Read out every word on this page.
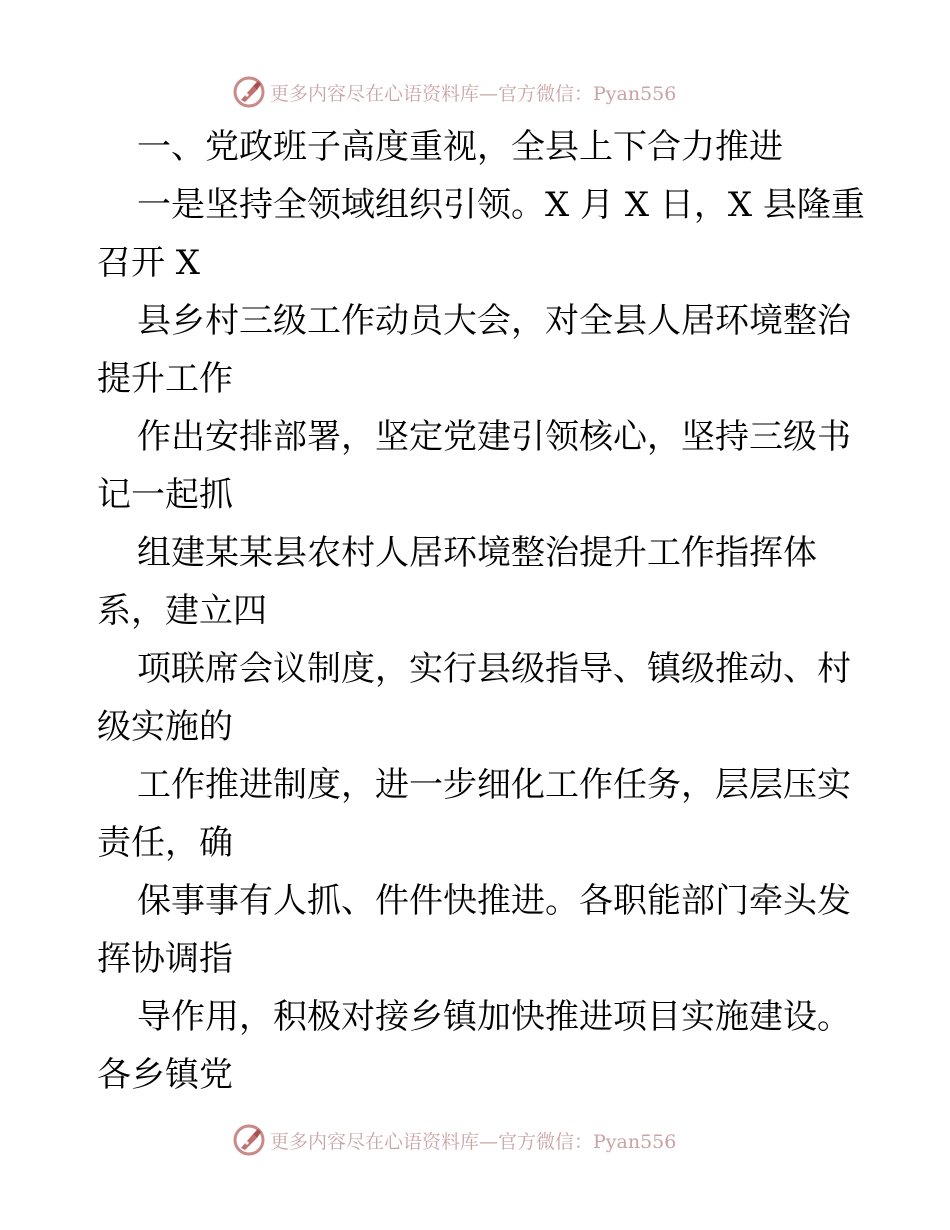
更多内容尽在心语资料库—官方微信：Pyan556
一、党政班子高度重视，全县上下合力推进
一是坚持全领域组织引领。X 月 X 日，X 县隆重
召开 X
县乡村三级工作动员大会，对全县人居环境整治
提升工作
作出安排部署，坚定党建引领核心，坚持三级书
记一起抓
组建某某县农村人居环境整治提升工作指挥体
系，建立四
项联席会议制度，实行县级指导、镇级推动、村
级实施的
工作推进制度，进一步细化工作任务，层层压实
责任，确
保事事有人抓、件件快推进。各职能部门牵头发
挥协调指
导作用，积极对接乡镇加快推进项目实施建设。
各乡镇党
更多内容尽在心语资料库—官方微信：Pyan556
